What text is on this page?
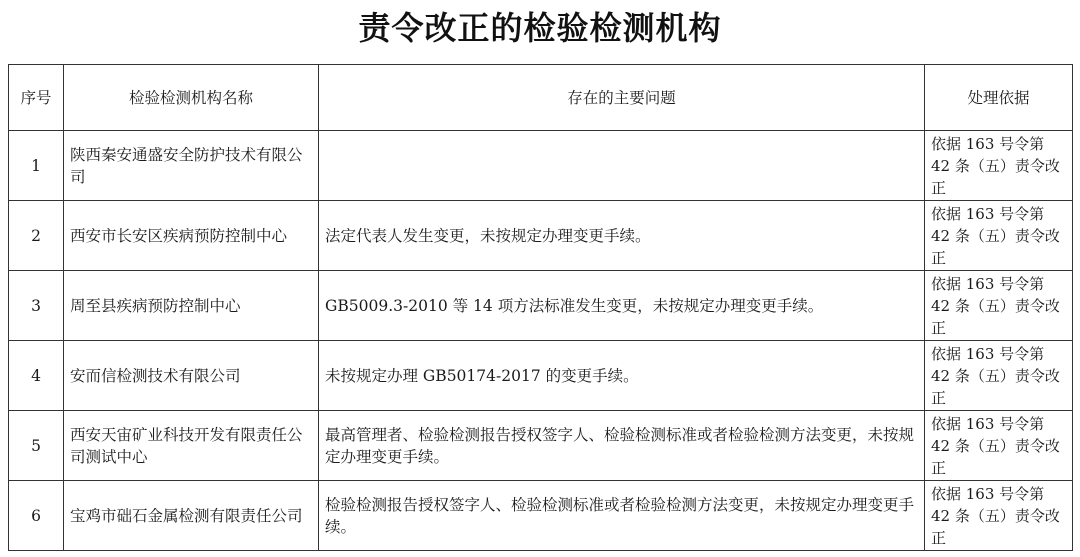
责令改正的检验检测机构
序号	检验检测机构名称	存在的主要问题	处理依据
1	陕西秦安通盛安全防护技术有限公司		依据 163 号令第 42 条（五）责令改正
2	西安市长安区疾病预防控制中心	法定代表人发生变更，未按规定办理变更手续。	依据 163 号令第 42 条（五）责令改正
3	周至县疾病预防控制中心	GB5009.3-2010 等 14 项方法标准发生变更，未按规定办理变更手续。	依据 163 号令第 42 条（五）责令改正
4	安而信检测技术有限公司	未按规定办理 GB50174-2017 的变更手续。	依据 163 号令第 42 条（五）责令改正
5	西安天宙矿业科技开发有限责任公司测试中心	最高管理者、检验检测报告授权签字人、检验检测标准或者检验检测方法变更，未按规定办理变更手续。	依据 163 号令第 42 条（五）责令改正
6	宝鸡市础石金属检测有限责任公司	检验检测报告授权签字人、检验检测标准或者检验检测方法变更，未按规定办理变更手续。	依据 163 号令第 42 条（五）责令改正
